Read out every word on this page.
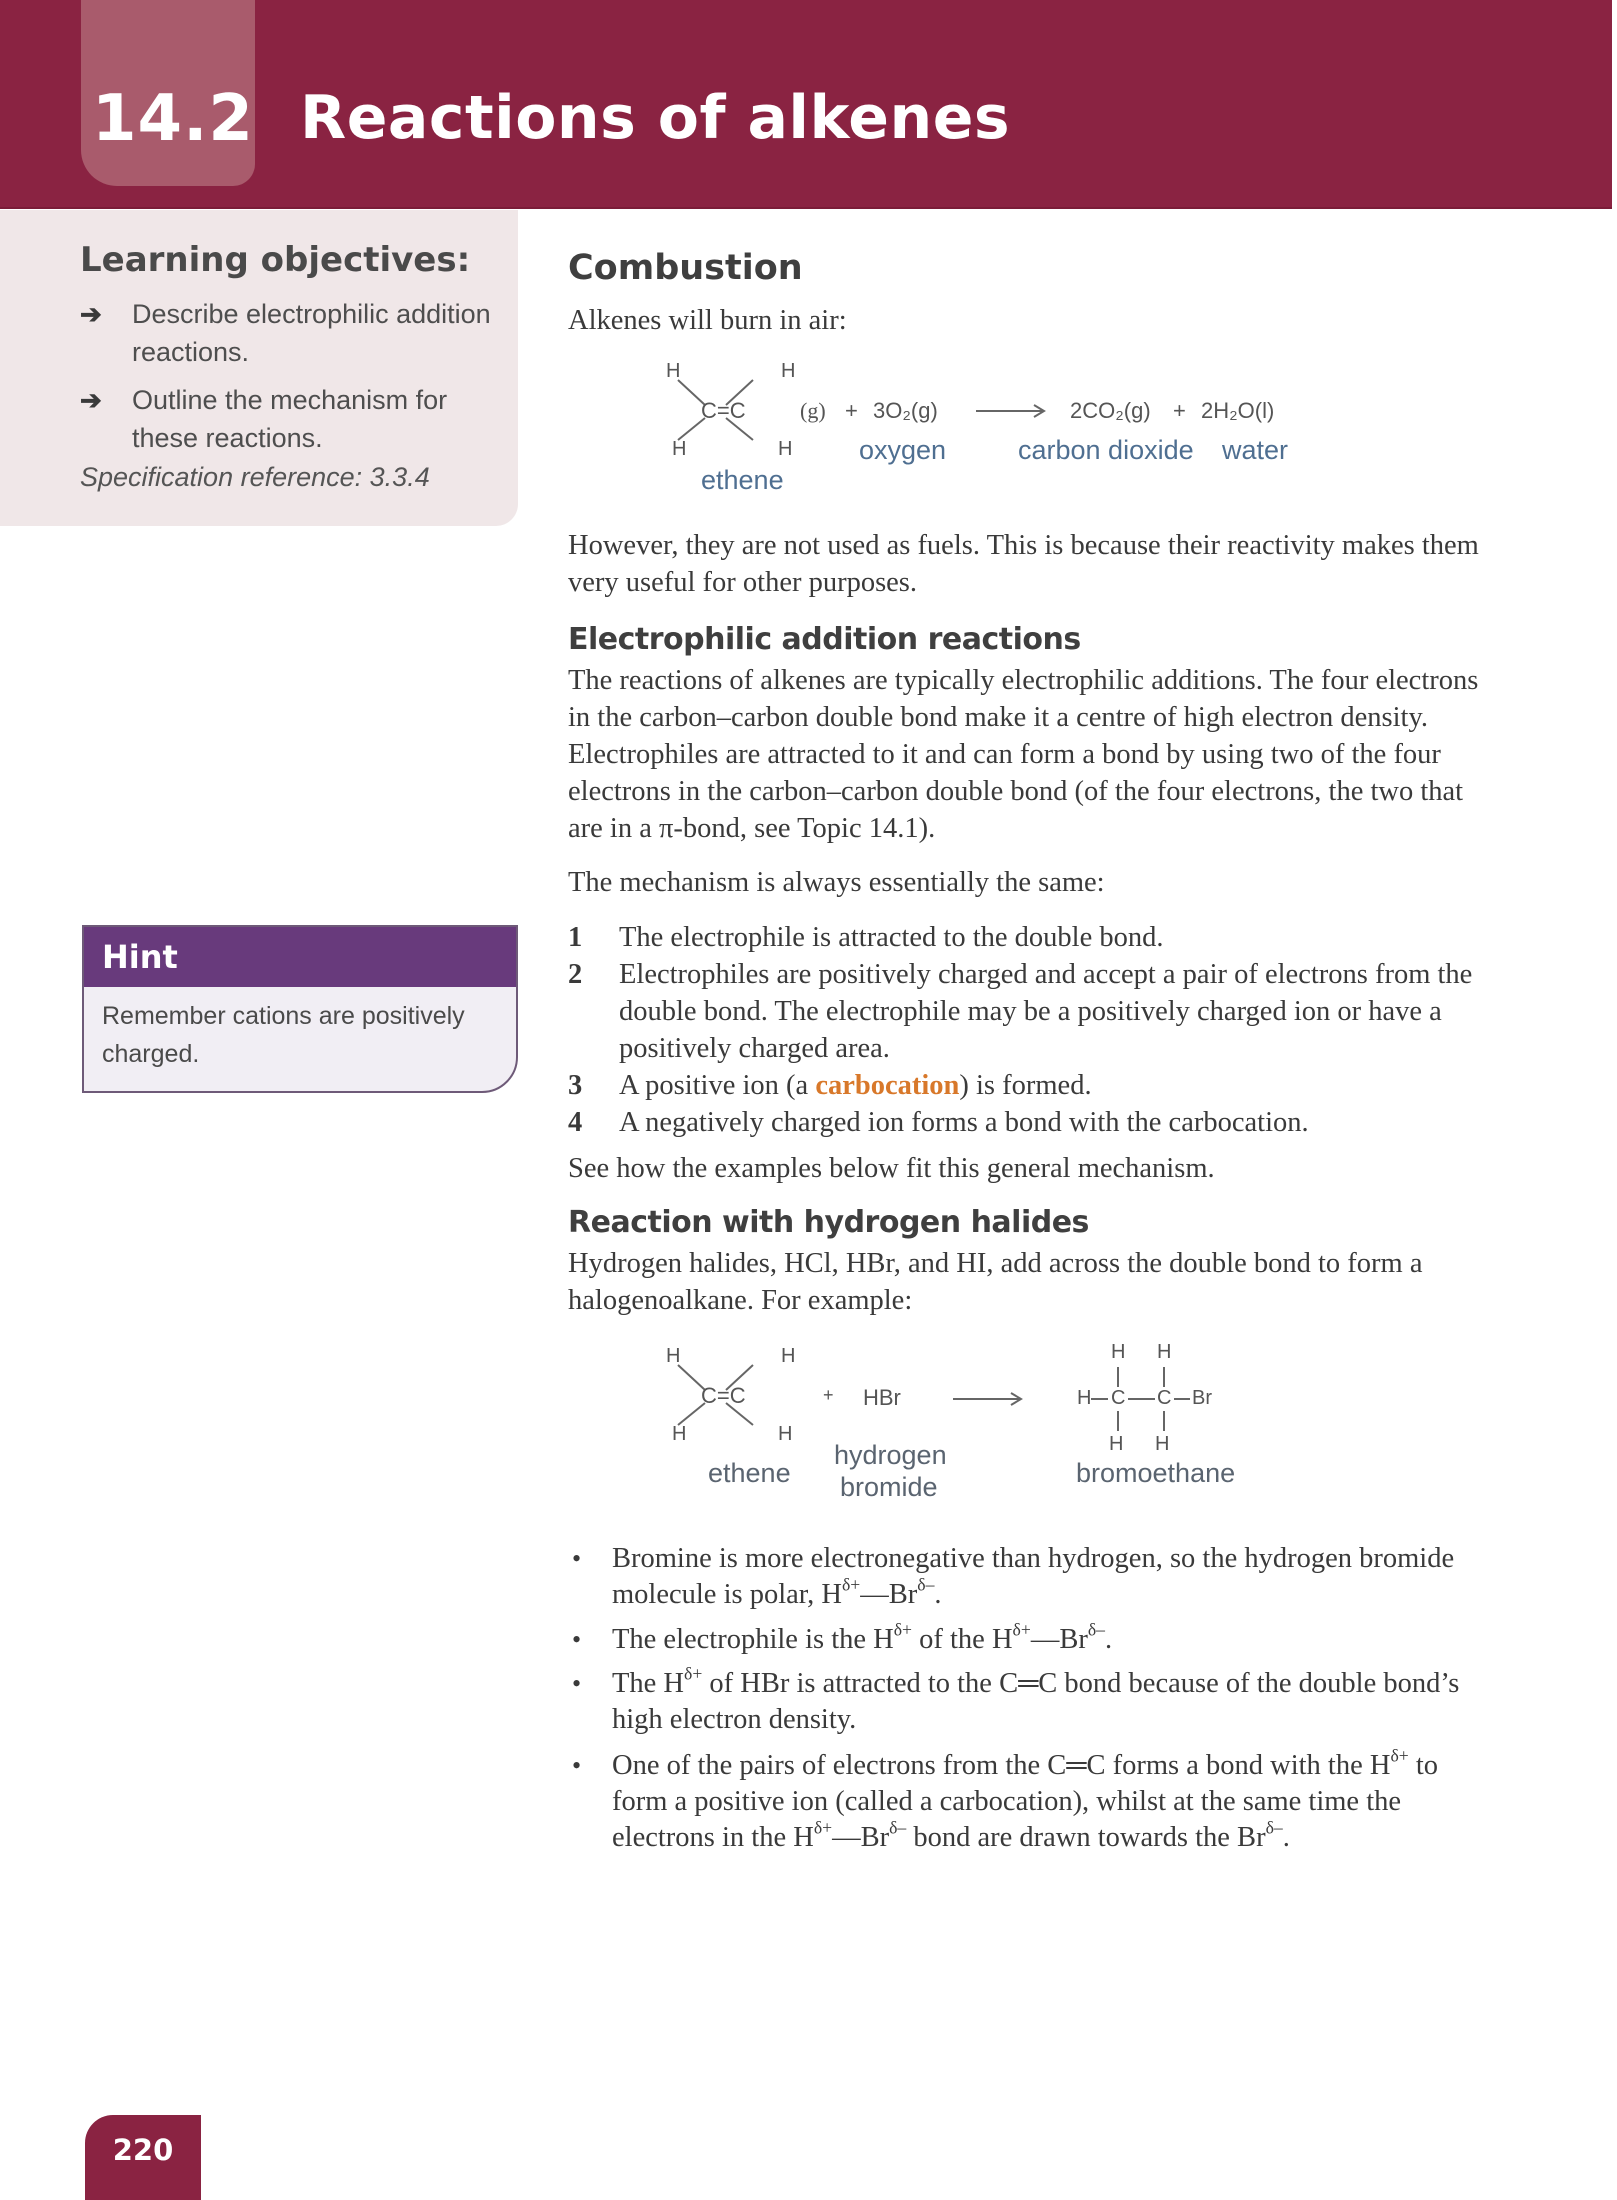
14.2 Reactions of alkenes
Learning objectives:
➔ Describe electrophilic addition reactions.
➔ Outline the mechanism for these reactions.
Specification reference: 3.3.4
Hint
Remember cations are positively charged.
Combustion

Alkenes will burn in air:

H	H
C=C
H	H
(g) + 3O₂(g)	2CO₂(g) + 2H₂O(l)
ethene
oxygen	carbon dioxide water

However, they are not used as fuels. This is because their reactivity makes them very useful for other purposes.

Electrophilic addition reactions

The reactions of alkenes are typically electrophilic additions. The four electrons in the carbon–carbon double bond make it a centre of high electron density. Electrophiles are attracted to it and can form a bond by using two of the four electrons in the carbon–carbon double bond (of the four electrons, the two that are in a π-bond, see Topic 14.1).

The mechanism is always essentially the same:

1 The electrophile is attracted to the double bond.
2 Electrophiles are positively charged and accept a pair of electrons from the double bond. The electrophile may be a positively charged ion or have a positively charged area.
3 A positive ion (a carbocation) is formed.
4 A negatively charged ion forms a bond with the carbocation.

See how the examples below fit this general mechanism.

Reaction with hydrogen halides

Hydrogen halides, HCl, HBr, and HI, add across the double bond to form a halogenoalkane. For example:

H	H
C=C
H	H
+ HBr
H H
H C C Br
H H
ethene
hydrogen
bromide	bromoethane
• Bromine is more electronegative than hydrogen, so the hydrogen bromide molecule is polar, $H^{\delta+}—Br^{\delta-}$.
• The electrophile is the $H^{\delta+}$ of the $H^{\delta+}—Br^{\delta-}$.
• The $H^{\delta+}$ of HBr is attracted to the C═C bond because of the double bond’s high electron density.
• One of the pairs of electrons from the C═C forms a bond with the $H^{\delta+}$ to form a positive ion (called a carbocation), whilst at the same time the electrons in the $H^{\delta+}—Br^{\delta-}$ bond are drawn towards the $Br^{\delta-}$.
220
